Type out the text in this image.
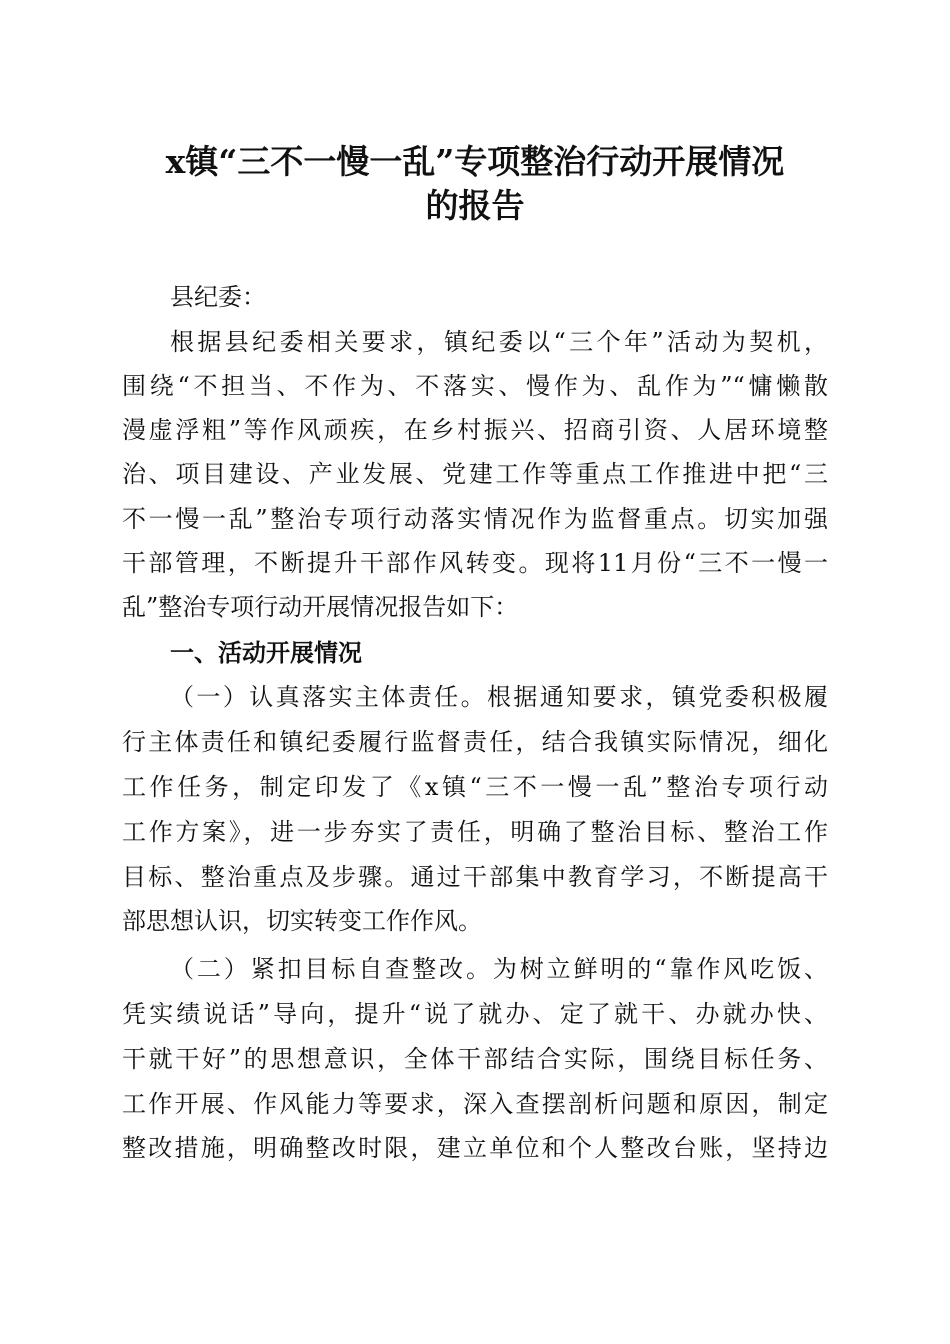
x镇“三不一慢一乱”专项整治行动开展情况
的报告

县纪委：

根据县纪委相关要求，镇纪委以“三个年”活动为契机，

围绕“不担当、不作为、不落实、慢作为、乱作为”“慵懒散

漫虚浮粗”等作风顽疾，在乡村振兴、招商引资、人居环境整

治、项目建设、产业发展、党建工作等重点工作推进中把“三

不一慢一乱”整治专项行动落实情况作为监督重点。切实加强

干部管理，不断提升干部作风转变。现将11月份“三不一慢一

乱”整治专项行动开展情况报告如下：

一、活动开展情况

（一）认真落实主体责任。根据通知要求，镇党委积极履

行主体责任和镇纪委履行监督责任，结合我镇实际情况，细化

工作任务，制定印发了《x镇“三不一慢一乱”整治专项行动

工作方案》，进一步夯实了责任，明确了整治目标、整治工作

目标、整治重点及步骤。通过干部集中教育学习，不断提高干

部思想认识，切实转变工作作风。

（二）紧扣目标自查整改。为树立鲜明的“靠作风吃饭、

凭实绩说话”导向，提升“说了就办、定了就干、办就办快、

干就干好”的思想意识，全体干部结合实际，围绕目标任务、

工作开展、作风能力等要求，深入查摆剖析问题和原因，制定

整改措施，明确整改时限，建立单位和个人整改台账，坚持边
